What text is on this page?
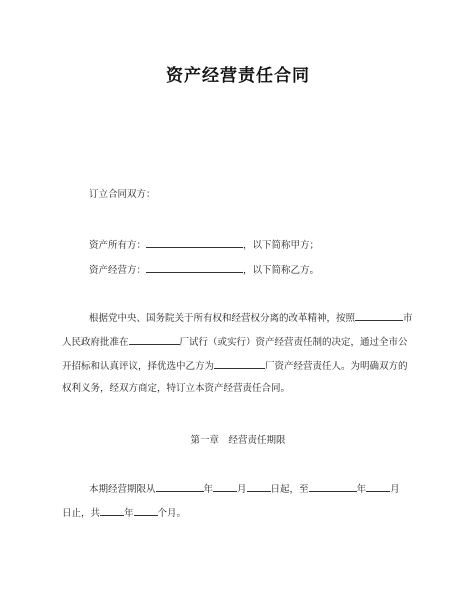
资产经营责任合同
订立合同双方：
资产所有方：	，以下简称甲方；
资产经营方：	，以下简称乙方。
根据党中央、国务院关于所有权和经营权分离的改革精神，按照	市
人民政府批准在	厂试行（或实行）资产经营责任制的决定，通过全市公
开招标和认真评议，择优选中乙方为	厂资产经营责任人。为明确双方的
权利义务，经双方商定，特订立本资产经营责任合同。
第一章　经营责任期限
本期经营期限从	年	月	日起，至	年	月
日止，共	年	个月。
